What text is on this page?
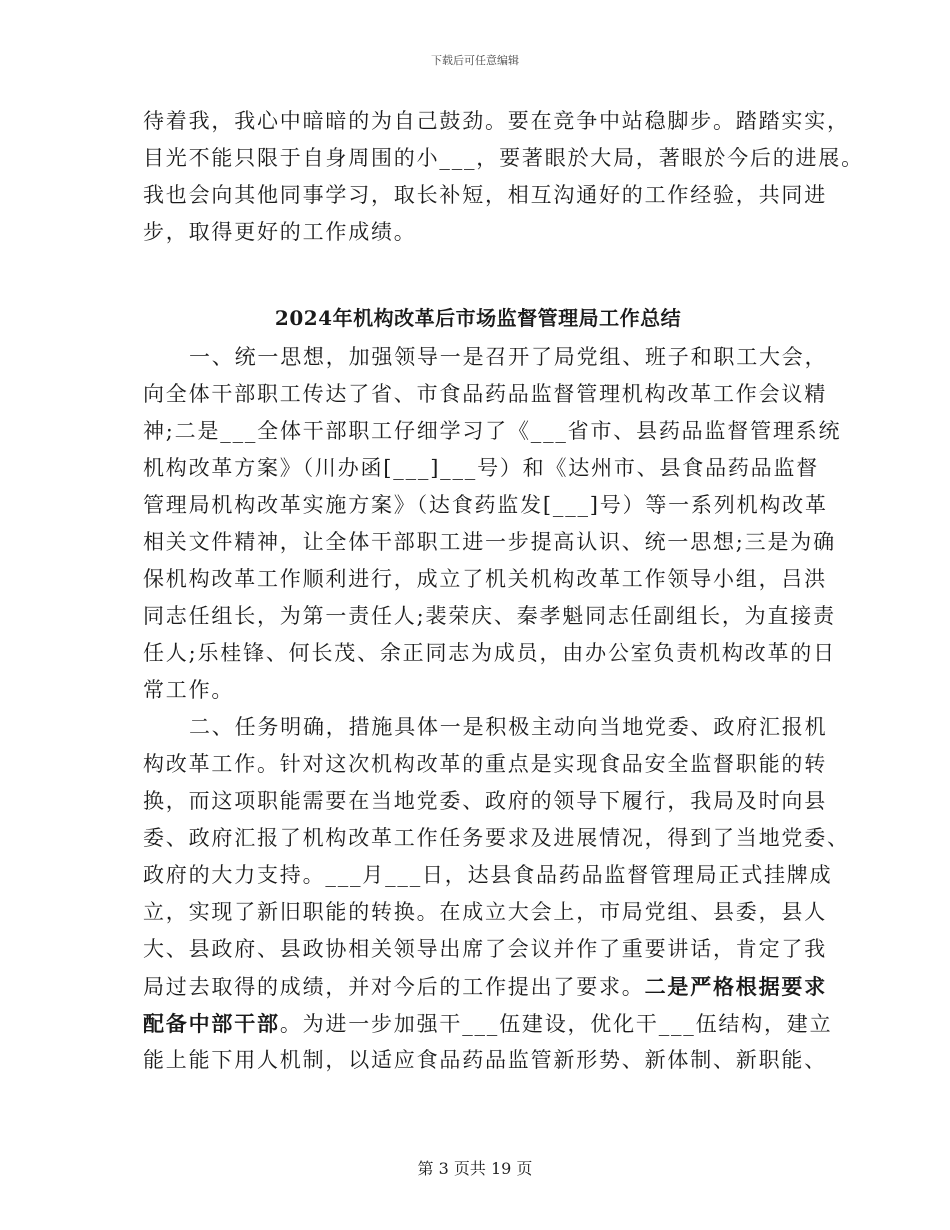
下载后可任意编辑
待着我，我心中暗暗的为自己鼓劲。要在竞争中站稳脚步。踏踏实实，
目光不能只限于自身周围的小___，要著眼於大局，著眼於今后的进展。
我也会向其他同事学习，取长补短，相互沟通好的工作经验，共同进
步，取得更好的工作成绩。
2024年机构改革后市场监督管理局工作总结
一、统一思想，加强领导一是召开了局党组、班子和职工大会，
向全体干部职工传达了省、市食品药品监督管理机构改革工作会议精
神;二是___全体干部职工仔细学习了《___省市、县药品监督管理系统
机构改革方案》（川办函[___]___号）和《达州市、县食品药品监督
管理局机构改革实施方案》（达食药监发[___]号）等一系列机构改革
相关文件精神，让全体干部职工进一步提高认识、统一思想;三是为确
保机构改革工作顺利进行，成立了机关机构改革工作领导小组，吕洪
同志任组长，为第一责任人;裴荣庆、秦孝魁同志任副组长，为直接责
任人;乐桂锋、何长茂、余正同志为成员，由办公室负责机构改革的日
常工作。
二、任务明确，措施具体一是积极主动向当地党委、政府汇报机
构改革工作。针对这次机构改革的重点是实现食品安全监督职能的转
换，而这项职能需要在当地党委、政府的领导下履行，我局及时向县
委、政府汇报了机构改革工作任务要求及进展情况，得到了当地党委、
政府的大力支持。___月___日，达县食品药品监督管理局正式挂牌成
立，实现了新旧职能的转换。在成立大会上，市局党组、县委，县人
大、县政府、县政协相关领导出席了会议并作了重要讲话，肯定了我
局过去取得的成绩，并对今后的工作提出了要求。二是严格根据要求
配备中部干部。为进一步加强干___伍建设，优化干___伍结构，建立
能上能下用人机制，以适应食品药品监管新形势、新体制、新职能、
第 3 页共 19 页
